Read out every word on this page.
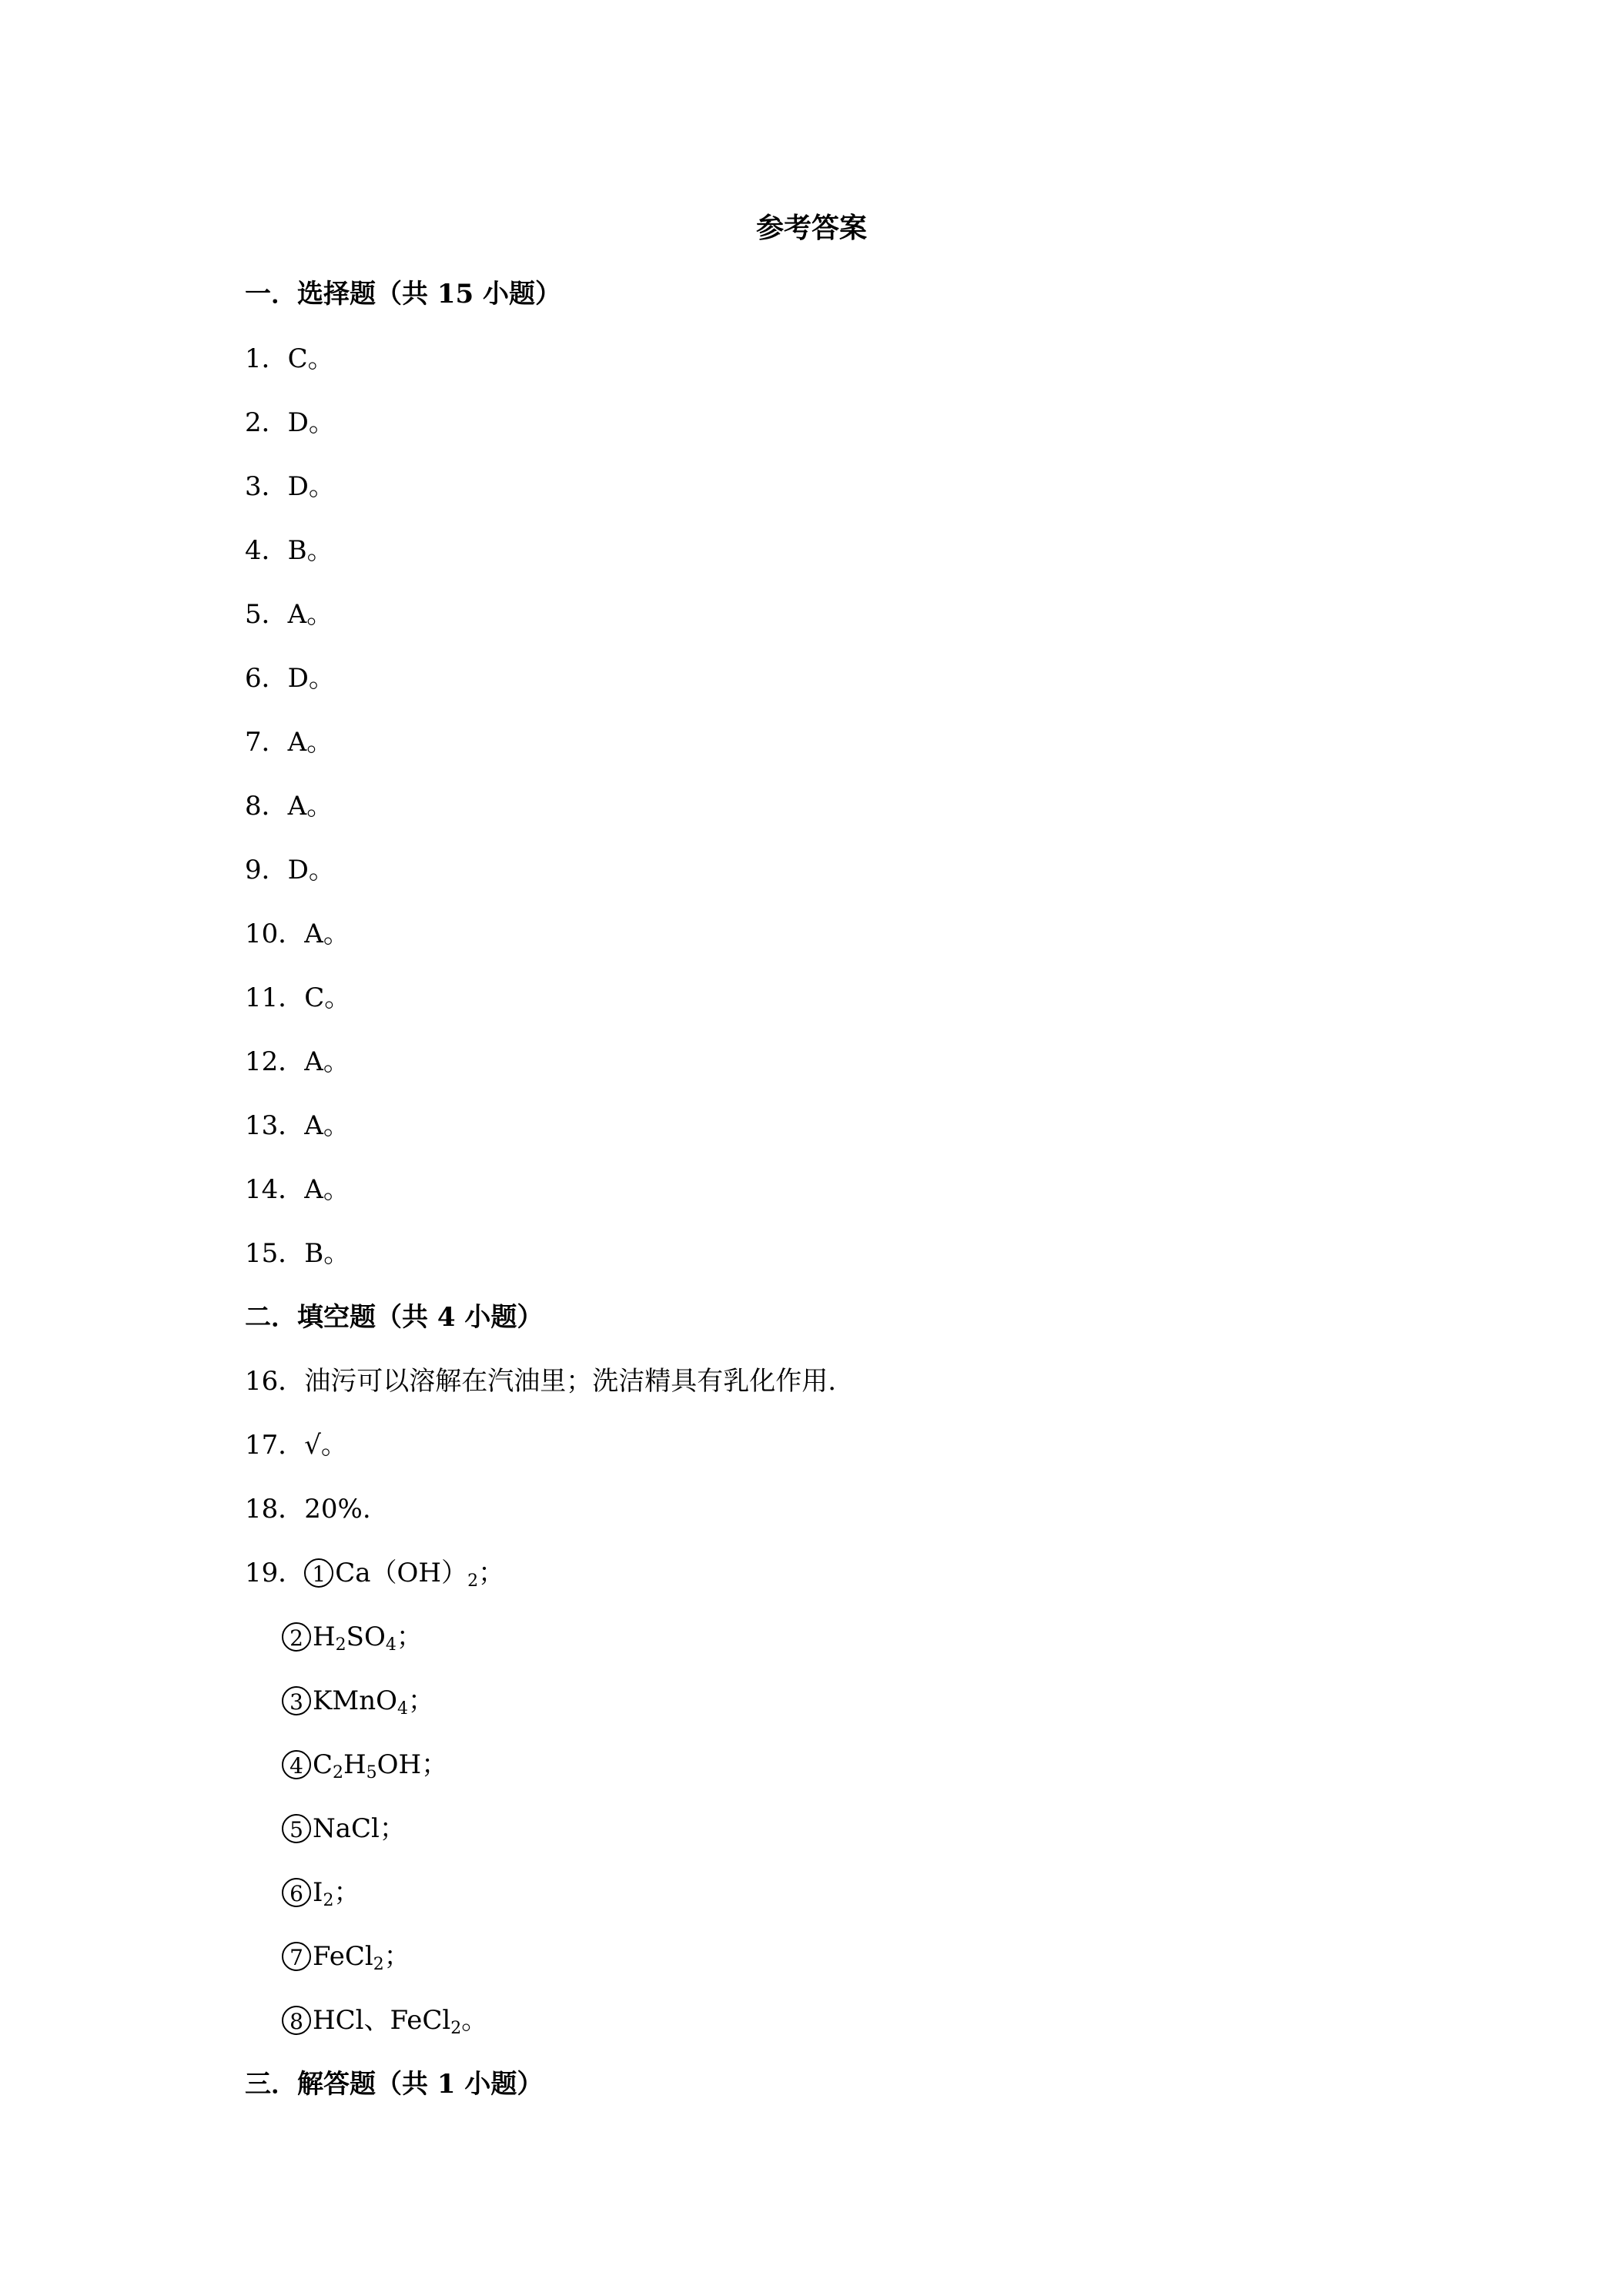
参考答案
一．选择题（共 15 小题）
1．C。
2．D。
3．D。
4．B。
5．A。
6．D。
7．A。
8．A。
9．D。
10．A。
11．C。
12．A。
13．A。
14．A。
15．B。
二．填空题（共 4 小题）
16．油污可以溶解在汽油里；洗洁精具有乳化作用.
17．√。
18．20%.
19． 1 $Ca(OH)_2$；
2 $H_2SO_4$；
3 KMnO$_4$；
4 $C_2H_5OH$；
5 NaCl；
6 $I_2$；
7 FeCl$_2$；
8 HCl、FeCl$_2$。
三．解答题（共 1 小题）
